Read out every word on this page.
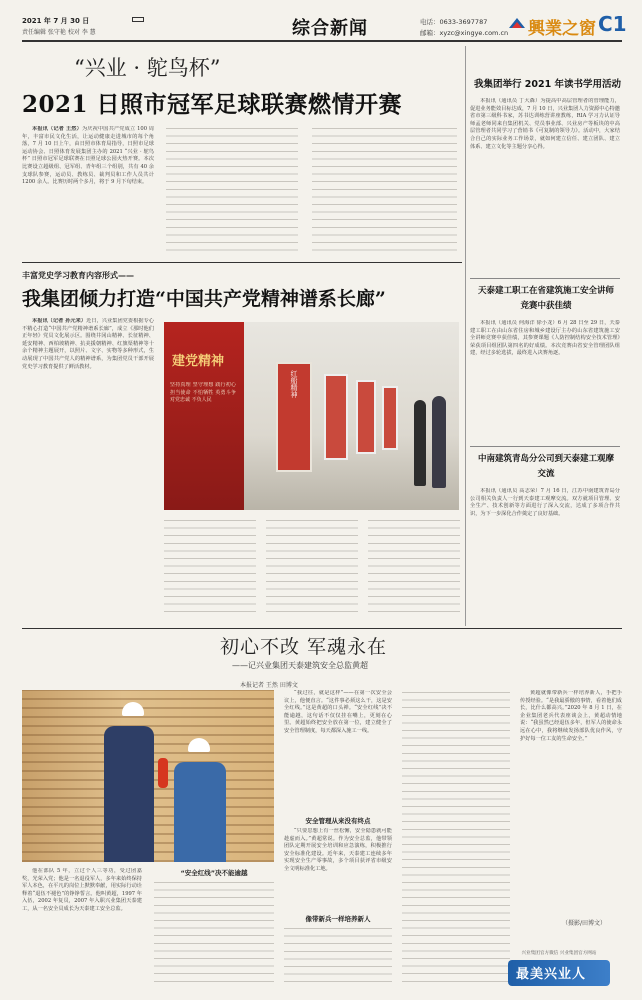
2021 年 7 月 30 日
责任编辑 张守艳 校对 李 慧	综合新闻	电话：0633-3697787
邮箱：xyzc@xingye.com.cn 興業之窗 C1
“兴业 · 鸵鸟杯”
2021 日照市冠军足球联赛燃情开赛
本报讯（记者 王然）为庆祝中国共产党成立 100 周年，丰富市民文化生活，让运动健康走进城市的每个角落，7 月 10 日上午，由日照市体育局指导，日照市足球运动协会、日照体育发展集团主办的 2021 “兴业 · 鸵鸟杯” 日照市冠军足球联赛在日照足球公园火热开赛。本次比赛设立超级组、冠军组、青年组三个组别，共有 40 余支球队参赛，运动员、教练员、裁判员和工作人员共计 1200 余人。比赛历时两个多月，将于 9 月下旬结束。
我集团举行 2021 年读书学用活动
本报讯（通讯员 丁大森）为提高中高层管理者的管理能力，促进业务能效目标达成，7 月 10 日，兴业集团人力资源中心特邀省市第三级科书家，苏书达训练营讲座教练，RIA 学习力认证导师孟老师同来自集团机关、党员事业部、兴业房产等板块的中高层管理者共同学习了营销书《可复制的领导力》。活动中，大家结合自己的实际业务工作场景，就如何建立信任、建立团队、建立体系、建立文化等主题分享心得。
丰富党史学习教育内容形式——
我集团倾力打造“中国共产党精神谱系长廊”
本报讯（记者 孙元来）近日，兴业集团党委根据专心不精心打造“中国共产党精神谱系长廊”，成立《那时他们正年轻》党员文化展示区。围绕井冈山精神、长征精神、延安精神、西柏坡精神、抗美援朝精神、红旗渠精神等十余个精神主题展开，以照片、文字、实物等多种形式，生动展现了中国共产党人的精神谱系，为集团党员干部开展党史学习教育提供了鲜活教材。	建党精神
坚持真理 坚守理想 践行初心 担当使命 不怕牺牲 英勇斗争 对党忠诚 不负人民
红船精神
天泰建工职工在省建筑施工安全讲师竞赛中获佳绩
本报讯（通讯员 何海洋 徐小龙）6 月 28 日至 29 日，天泰建工职工在由山东省住房和城乡建设厅主办的山东省建筑施工安全讲师竞赛中获佳绩，其参赛课题《人防控制结构安全技术管理》荣获项目组团队第四名的好成绩。本次竞赛由省安全管理团队组建，经过多轮选拔，最终进入决赛角逐。
中南建筑青岛分公司到天泰建工观摩交流
本报讯（通讯员 高志荣）7 月 16 日，江苏中南建筑青岛分公司相关负责人一行到天泰建工观摩交流。双方就项目管理、安全生产、技术创新等方面进行了深入交流，达成了多项合作共识，为下一步深化合作奠定了良好基础。
初心不改 军魂永在
——记兴业集团天泰建筑安全总监黄超
本报记者 王然 田博文
“我过往，就是这样”——在第一次安全会议上，他便直言。“这件事必须这么干，这是安全红线。”这是黄超的口头禅。“安全红线”决不能逾越，这句话不仅仅挂在嘴上，更刻在心里。黄超始终把安全放在第一位，建立健全了安全管理制度，每天都深入施工一线。
安全管理从来没有终点
“只要思想上有一丝松懈，安全隐患就可能趁虚而入。”黄超常说。作为安全总监，他带领团队定期开展安全培训和应急演练，积极推行安全标准化建设。近年来，天泰建工连续多年实现安全生产零事故，多个项目获评省市级安全文明标准化工地。
像带新兵一样培养新人
黄超就像带新兵一样培养新人，手把手传授经验。“是我最骄傲的事情，看着他们成长，比什么都高兴。”2020 年 8 月 1 日，在企业集团老兵代表座谈会上，黄超动情地说：“我虽然已经退伍多年，但军人的使命永远在心中，我将继续发扬部队优良作风，守护好每一位工友的生命安全。”
（摄影/田博文）
他在部队 5 年，立过个人三等功，受过团嘉奖，光荣入党；他是一名退役军人，多年来始终保持军人本色，在平凡的岗位上默默奉献，用实际行动诠释着“退伍不褪色”的铮铮誓言。他叫黄超，1997 年入伍，2002 年复员，2007 年入职兴业集团天泰建工，从一名安全员成长为天泰建工安全总监。
“安全红线”决不能逾越
兴业集团官方微信 兴业集团官方网站
最美兴业人
